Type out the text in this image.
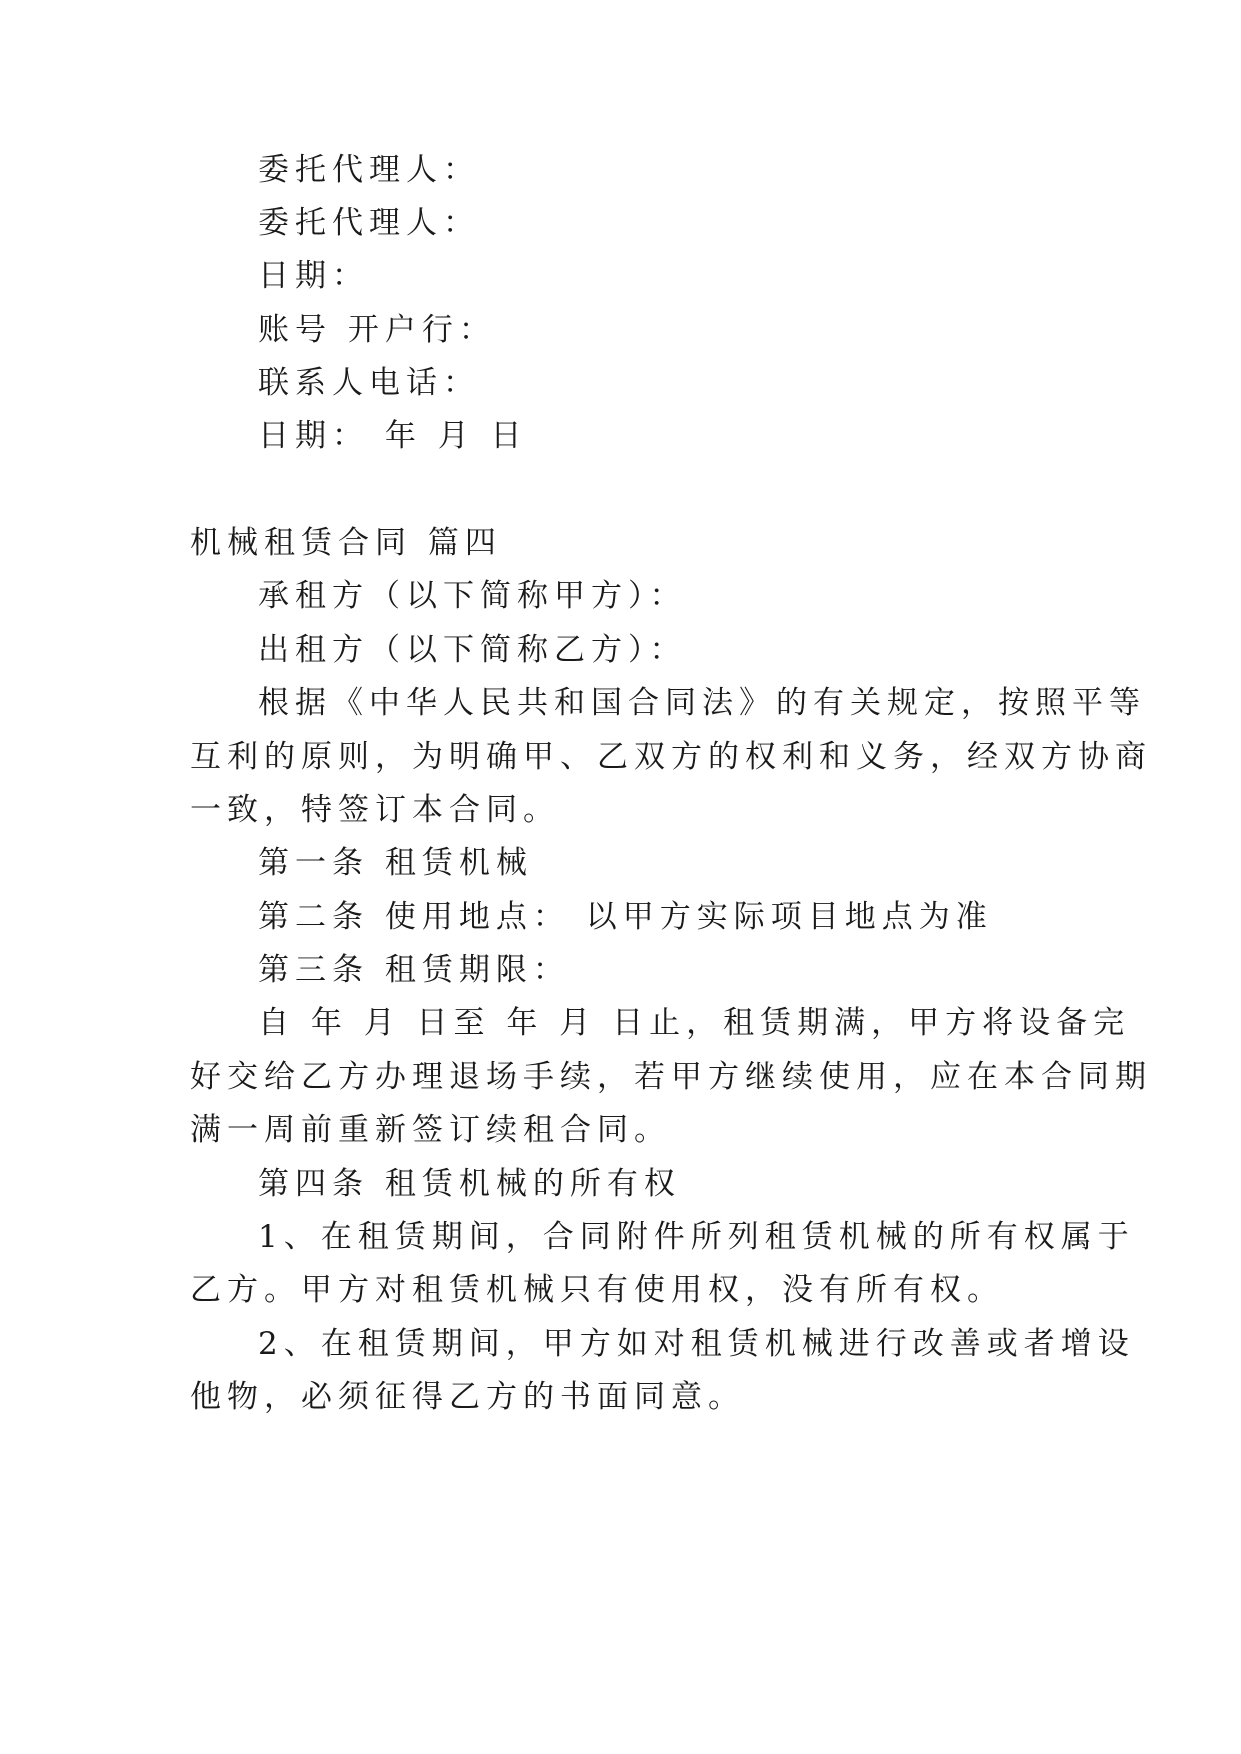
委托代理人：
委托代理人：
日期：
账号 开户行：
联系人电话：
日期： 年 月 日
机械租赁合同 篇四
承租方（以下简称甲方）：
出租方（以下简称乙方）：
根据《中华人民共和国合同法》的有关规定，按照平等
互利的原则，为明确甲、乙双方的权利和义务，经双方协商
一致，特签订本合同。
第一条 租赁机械
第二条 使用地点： 以甲方实际项目地点为准
第三条 租赁期限：
自 年 月 日至 年 月 日止，租赁期满，甲方将设备完
好交给乙方办理退场手续，若甲方继续使用，应在本合同期
满一周前重新签订续租合同。
第四条 租赁机械的所有权
1、在租赁期间，合同附件所列租赁机械的所有权属于
乙方。甲方对租赁机械只有使用权，没有所有权。
2、在租赁期间，甲方如对租赁机械进行改善或者增设
他物，必须征得乙方的书面同意。
